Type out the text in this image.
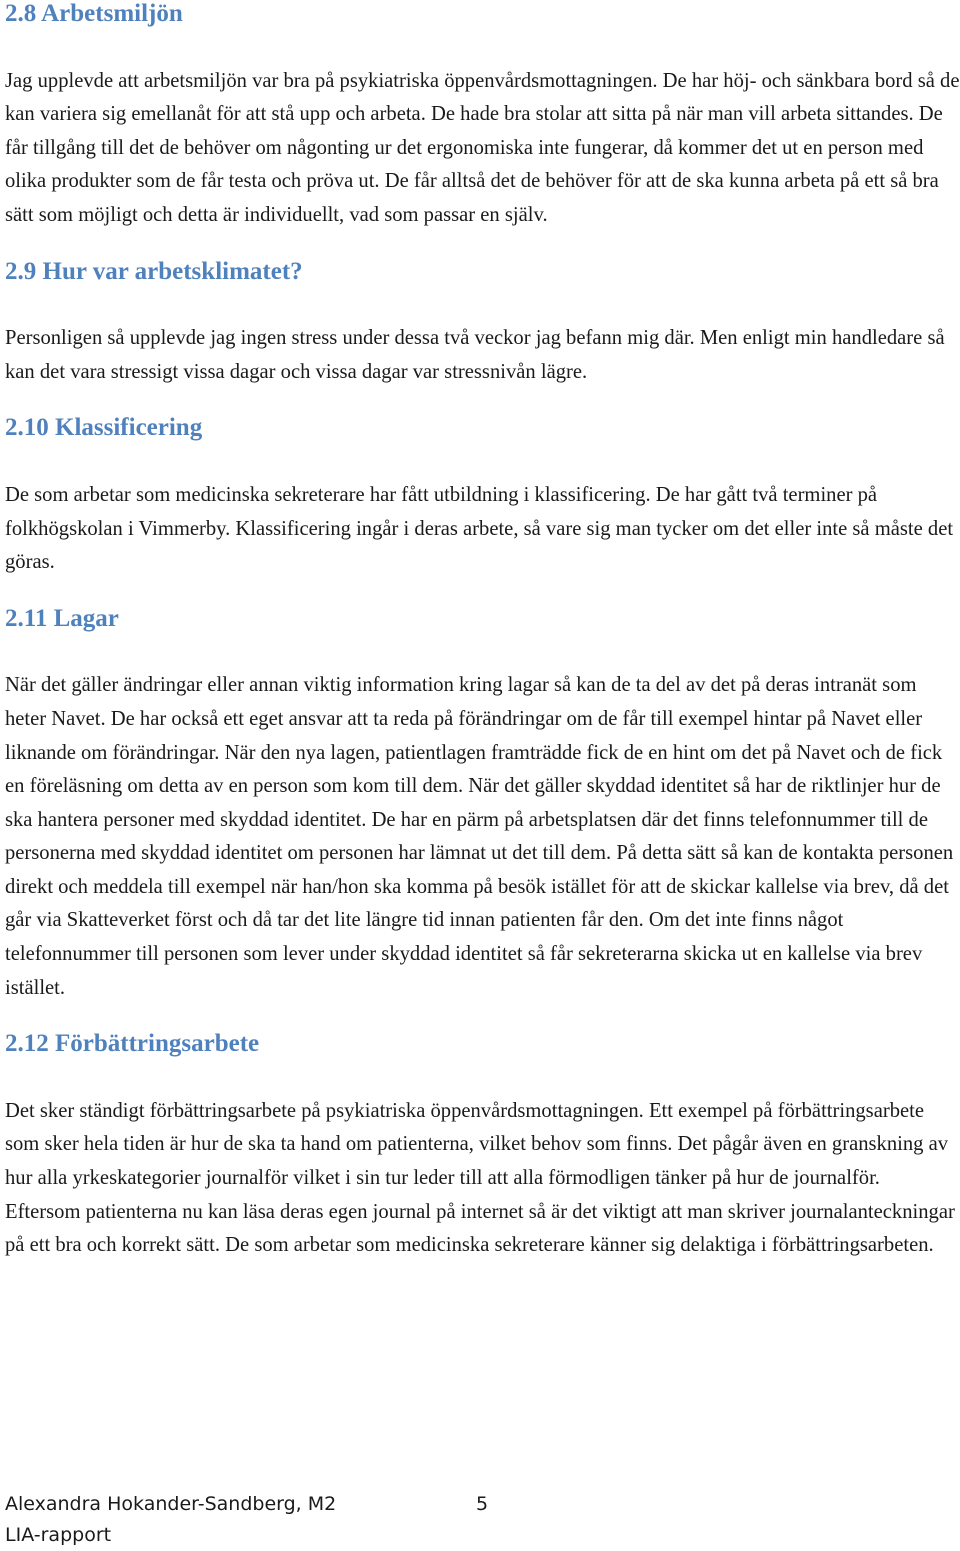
2.8 Arbetsmiljön

Jag upplevde att arbetsmiljön var bra på psykiatriska öppenvårdsmottagningen. De har höj- och sänkbara bord så de kan variera sig emellanåt för att stå upp och arbeta. De hade bra stolar att sitta på när man vill arbeta sittandes. De får tillgång till det de behöver om någonting ur det ergonomiska inte fungerar, då kommer det ut en person med olika produkter som de får testa och pröva ut. De får alltså det de behöver för att de ska kunna arbeta på ett så bra sätt som möjligt och detta är individuellt, vad som passar en själv.

2.9 Hur var arbetsklimatet?

Personligen så upplevde jag ingen stress under dessa två veckor jag befann mig där. Men enligt min handledare så kan det vara stressigt vissa dagar och vissa dagar var stressnivån lägre.

2.10 Klassificering

De som arbetar som medicinska sekreterare har fått utbildning i klassificering. De har gått två terminer på folkhögskolan i Vimmerby. Klassificering ingår i deras arbete, så vare sig man tycker om det eller inte så måste det göras.

2.11 Lagar

När det gäller ändringar eller annan viktig information kring lagar så kan de ta del av det på deras intranät som heter Navet. De har också ett eget ansvar att ta reda på förändringar om de får till exempel hintar på Navet eller liknande om förändringar. När den nya lagen, patientlagen framträdde fick de en hint om det på Navet och de fick en föreläsning om detta av en person som kom till dem. När det gäller skyddad identitet så har de riktlinjer hur de ska hantera personer med skyddad identitet. De har en pärm på arbetsplatsen där det finns telefonnummer till de personerna med skyddad identitet om personen har lämnat ut det till dem. På detta sätt så kan de kontakta personen direkt och meddela till exempel när han/hon ska komma på besök istället för att de skickar kallelse via brev, då det går via Skatteverket först och då tar det lite längre tid innan patienten får den. Om det inte finns något telefonnummer till personen som lever under skyddad identitet så får sekreterarna skicka ut en kallelse via brev istället.

2.12 Förbättringsarbete

Det sker ständigt förbättringsarbete på psykiatriska öppenvårdsmottagningen. Ett exempel på förbättringsarbete som sker hela tiden är hur de ska ta hand om patienterna, vilket behov som finns. Det pågår även en granskning av hur alla yrkeskategorier journalför vilket i sin tur leder till att alla förmodligen tänker på hur de journalför. Eftersom patienterna nu kan läsa deras egen journal på internet så är det viktigt att man skriver journalanteckningar på ett bra och korrekt sätt. De som arbetar som medicinska sekreterare känner sig delaktiga i förbättringsarbeten.

Alexandra Hokander-Sandberg, M2	5
LIA-rapport
